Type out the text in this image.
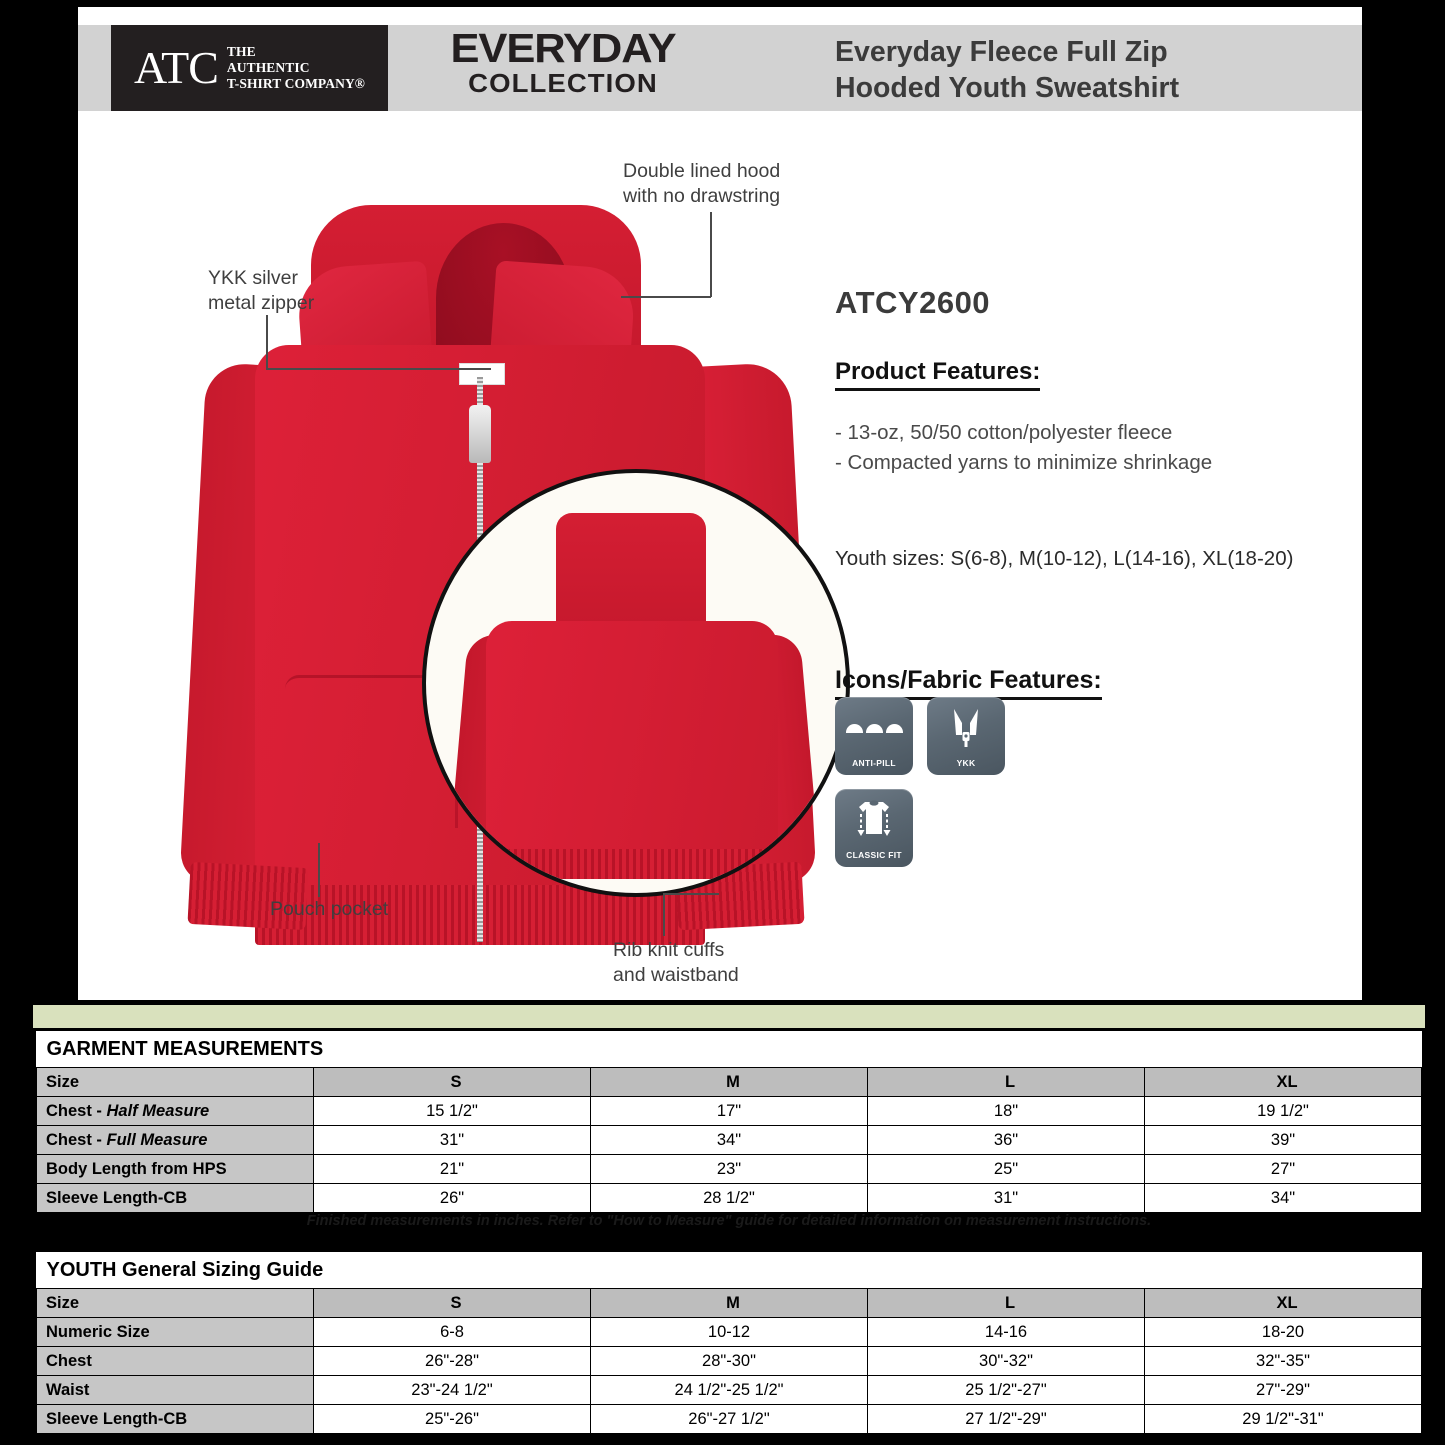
ATC THE
AUTHENTIC
T-SHIRT COMPANY®
EVERYDAY
COLLECTION
Everyday Fleece Full Zip
Hooded Youth Sweatshirt
Double lined hood
with no drawstring
YKK silver
metal zipper
Pouch pocket
Rib knit cuffs
and waistband
ATCY2600
Product Features:
- 13-oz, 50/50 cotton/polyester fleece
- Compacted yarns to minimize shrinkage
Youth sizes: S(6-8), M(10-12), L(14-16), XL(18-20)
Icons/Fabric Features:
ANTI-PILL	YKK
CLASSIC FIT
GARMENT MEASUREMENTS				
Size	S	M	L	XL
Chest - Half Measure	15 1/2"	17"	18"	19 1/2"
Chest - Full Measure	31"	34"	36"	39"
Body Length from HPS	21"	23"	25"	27"
Sleeve Length-CB	26"	28 1/2"	31"	34"
Finished measurements in inches. Refer to "How to Measure" guide for detailed information on measurement instructions.
YOUTH General Sizing Guide				
Size	S	M	L	XL
Numeric Size	6-8	10-12	14-16	18-20
Chest	26"-28"	28"-30"	30"-32"	32"-35"
Waist	23"-24 1/2"	24 1/2"-25 1/2"	25 1/2"-27"	27"-29"
Sleeve Length-CB	25"-26"	26"-27 1/2"	27 1/2"-29"	29 1/2"-31"
